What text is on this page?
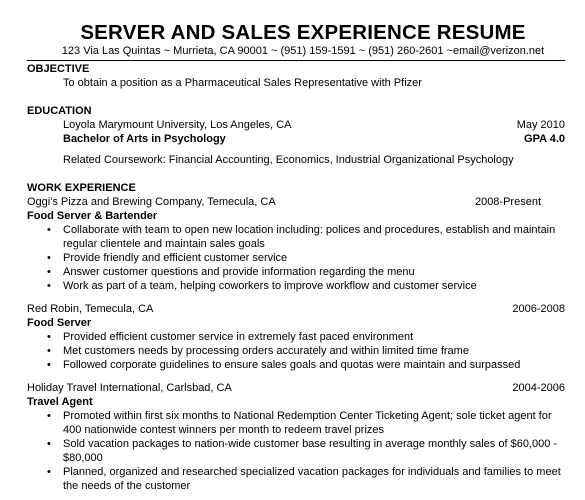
SERVER AND SALES EXPERIENCE RESUME
123 Via Las Quintas ~ Murrieta, CA 90001 ~ (951) 159-1591 ~ (951) 260-2601 ~email@verizon.net
OBJECTIVE
To obtain a position as a Pharmaceutical Sales Representative with Pfizer
EDUCATION
Loyola Marymount University, Los Angeles, CA	May 2010
Bachelor of Arts in Psychology	GPA 4.0
Related Coursework: Financial Accounting, Economics, Industrial Organizational Psychology
WORK EXPERIENCE
Oggi's Pizza and Brewing Company, Temecula, CA	2008-Present
Food Server & Bartender
• Collaborate with team to open new location including: polices and procedures, establish and maintain
regular clientele and maintain sales goals
• Provide friendly and efficient customer service
• Answer customer questions and provide information regarding the menu
• Work as part of a team, helping coworkers to improve workflow and customer service
Red Robin, Temecula, CA	2006-2008
Food Server
• Provided efficient customer service in extremely fast paced environment
• Met customers needs by processing orders accurately and within limited time frame
• Followed corporate guidelines to ensure sales goals and quotas were maintain and surpassed
Holiday Travel International, Carlsbad, CA	2004-2006
Travel Agent
• Promoted within first six months to National Redemption Center Ticketing Agent; sole ticket agent for
400 nationwide contest winners per month to redeem travel prizes
• Sold vacation packages to nation-wide customer base resulting in average monthly sales of $60,000 -
$80,000
• Planned, organized and researched specialized vacation packages for individuals and families to meet
the needs of the customer
